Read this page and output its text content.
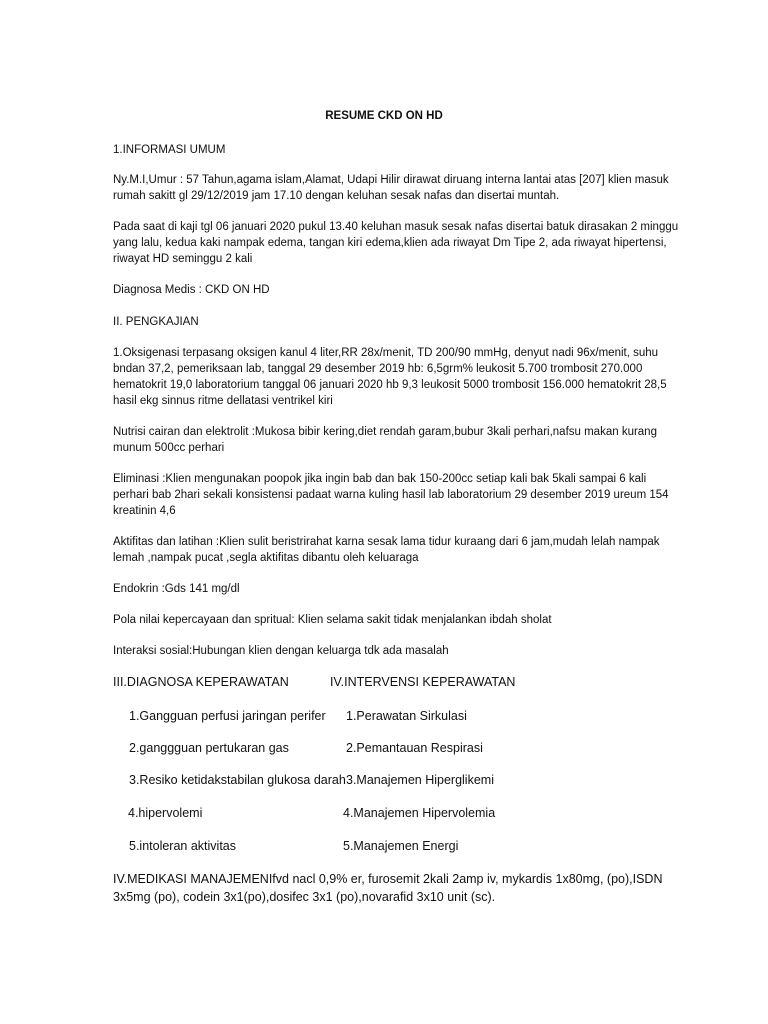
RESUME CKD ON HD
1.INFORMASI UMUM
Ny.M.I,Umur : 57 Tahun,agama islam,Alamat, Udapi Hilir dirawat diruang interna lantai atas [207] klien masuk rumah sakitt gl 29/12/2019 jam 17.10 dengan keluhan sesak nafas dan disertai muntah.
Pada saat di kaji tgl 06 januari 2020 pukul 13.40 keluhan masuk sesak nafas disertai batuk dirasakan 2 minggu yang lalu, kedua kaki nampak edema, tangan kiri edema,klien ada riwayat Dm Tipe 2, ada riwayat hipertensi, riwayat HD seminggu 2 kali
Diagnosa Medis : CKD ON HD
II. PENGKAJIAN
1.Oksigenasi terpasang oksigen kanul 4 liter,RR 28x/menit, TD 200/90 mmHg, denyut nadi 96x/menit, suhu bndan 37,2, pemeriksaan lab, tanggal 29 desember 2019 hb: 6,5grm% leukosit 5.700 trombosit 270.000 hematokrit 19,0 laboratorium tanggal 06 januari 2020 hb 9,3 leukosit 5000 trombosit 156.000 hematokrit 28,5 hasil ekg sinnus ritme dellatasi ventrikel kiri
Nutrisi cairan dan elektrolit :Mukosa bibir kering,diet rendah garam,bubur 3kali perhari,nafsu makan kurang munum 500cc perhari
Eliminasi :Klien mengunakan poopok jika ingin bab dan bak 150-200cc setiap kali bak 5kali sampai 6 kali perhari bab 2hari sekali konsistensi padaat warna kuling hasil lab laboratorium 29 desember 2019 ureum 154 kreatinin 4,6
Aktifitas dan latihan :Klien sulit beristrirahat karna sesak lama tidur kuraang dari 6 jam,mudah lelah nampak lemah ,nampak pucat ,segla aktifitas dibantu oleh keluaraga
Endokrin :Gds 141 mg/dl
Pola nilai kepercayaan dan spritual: Klien selama sakit tidak menjalankan ibdah sholat
Interaksi sosial:Hubungan klien dengan keluarga tdk ada masalah
III.DIAGNOSA KEPERAWATAN	IV.INTERVENSI KEPERAWATAN
1.Gangguan perfusi jaringan perifer 1.Perawatan Sirkulasi
2.ganggguan pertukaran gas	2.Pemantauan Respirasi
3.Resiko ketidakstabilan glukosa darah 3.Manajemen Hiperglikemi
4.hipervolemi	4.Manajemen Hipervolemia
5.intoleran aktivitas	5.Manajemen Energi
IV.MEDIKASI MANAJEMENIfvd nacl 0,9% er, furosemit 2kali 2amp iv, mykardis 1x80mg, (po),ISDN 3x5mg (po), codein 3x1(po),dosifec 3x1 (po),novarafid 3x10 unit (sc).
